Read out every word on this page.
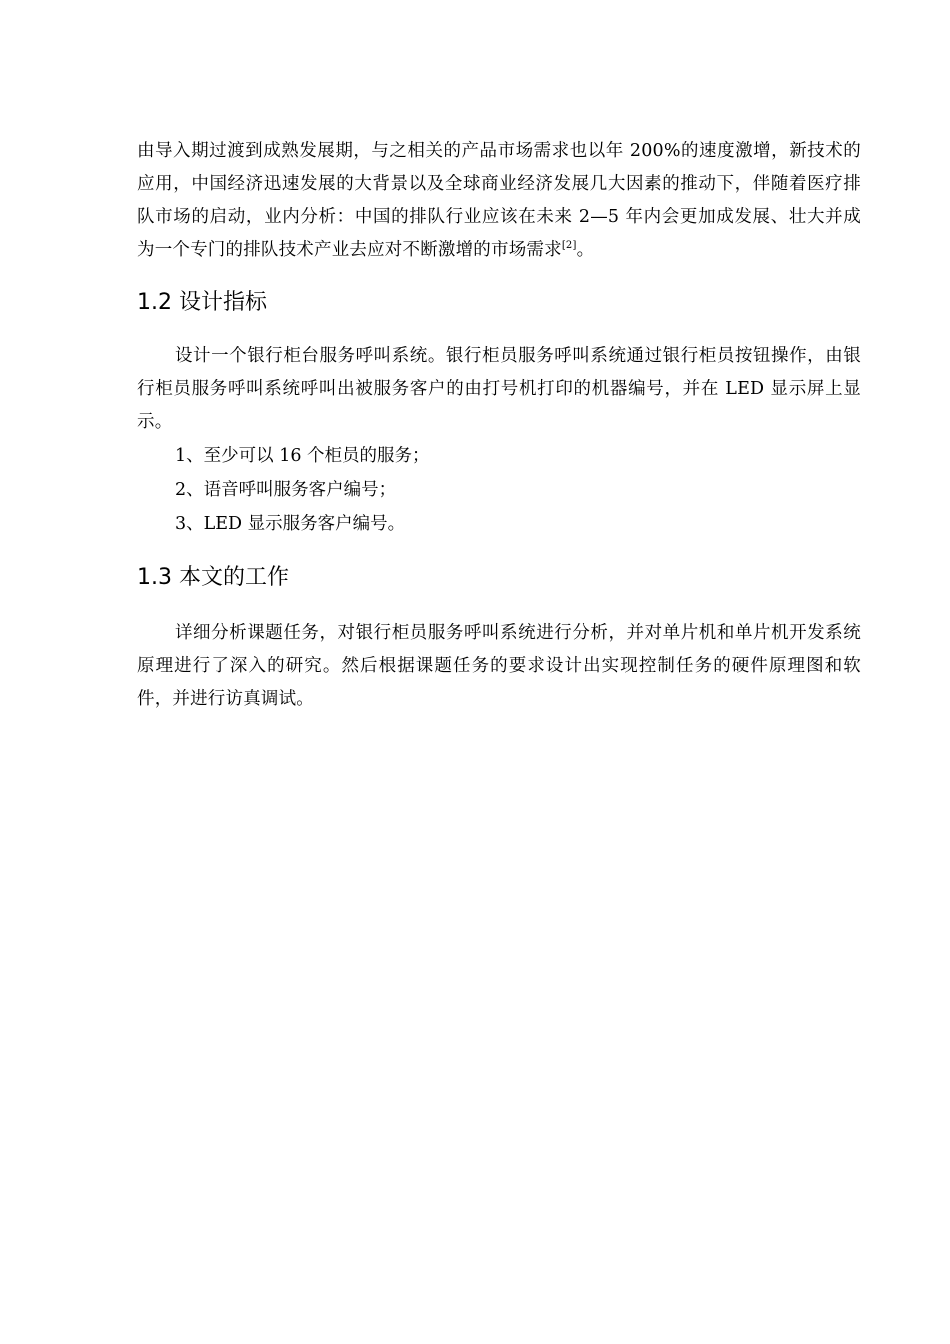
由导入期过渡到成熟发展期，与之相关的产品市场需求也以年 200%的速度激增，新技术的应用，中国经济迅速发展的大背景以及全球商业经济发展几大因素的推动下，伴随着医疗排队市场的启动，业内分析：中国的排队行业应该在未来 2—5 年内会更加成发展、壮大并成为一个专门的排队技术产业去应对不断激增的市场需求[2]。

1.2 设计指标

设计一个银行柜台服务呼叫系统。银行柜员服务呼叫系统通过银行柜员按钮操作，由银行柜员服务呼叫系统呼叫出被服务客户的由打号机打印的机器编号，并在 LED 显示屏上显示。

1、至少可以 16 个柜员的服务；

2、语音呼叫服务客户编号；

3、LED 显示服务客户编号。

1.3 本文的工作

详细分析课题任务，对银行柜员服务呼叫系统进行分析，并对单片机和单片机开发系统原理进行了深入的研究。然后根据课题任务的要求设计出实现控制任务的硬件原理图和软件，并进行访真调试。
